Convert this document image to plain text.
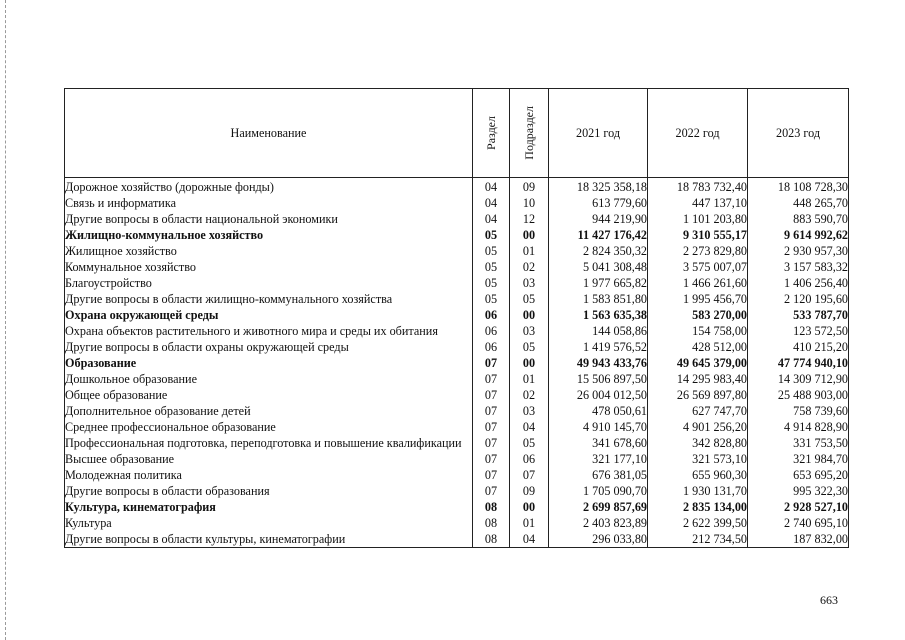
Наименование	Раздел	Подраздел	2021 год	2022 год	2023 год
Дорожное хозяйство (дорожные фонды)	04	09	18 325 358,18	18 783 732,40	18 108 728,30
Связь и информатика	04	10	613 779,60	447 137,10	448 265,70
Другие вопросы в области национальной экономики	04	12	944 219,90	1 101 203,80	883 590,70
Жилищно-коммунальное хозяйство	05	00	11 427 176,42	9 310 555,17	9 614 992,62
Жилищное хозяйство	05	01	2 824 350,32	2 273 829,80	2 930 957,30
Коммунальное хозяйство	05	02	5 041 308,48	3 575 007,07	3 157 583,32
Благоустройство	05	03	1 977 665,82	1 466 261,60	1 406 256,40
Другие вопросы в области жилищно-коммунального хозяйства	05	05	1 583 851,80	1 995 456,70	2 120 195,60
Охрана окружающей среды	06	00	1 563 635,38	583 270,00	533 787,70

Охрана объектов растительного и животного мира и среды их обитания	06	03	144 058,86	154 758,00	123 572,50
Другие вопросы в области охраны окружающей среды	06	05	1 419 576,52	428 512,00	410 215,20
Образование	07	00	49 943 433,76	49 645 379,00	47 774 940,10
Дошкольное образование	07	01	15 506 897,50	14 295 983,40	14 309 712,90
Общее образование	07	02	26 004 012,50	26 569 897,80	25 488 903,00
Дополнительное образование детей	07	03	478 050,61	627 747,70	758 739,60
Среднее профессиональное образование	07	04	4 910 145,70	4 901 256,20	4 914 828,90

Профессиональная подготовка, переподготовка и повышение квалификации	07	05	341 678,60	342 828,80	331 753,50
Высшее образование	07	06	321 177,10	321 573,10	321 984,70
Молодежная политика	07	07	676 381,05	655 960,30	653 695,20
Другие вопросы в области образования	07	09	1 705 090,70	1 930 131,70	995 322,30
Культура, кинематография	08	00	2 699 857,69	2 835 134,00	2 928 527,10
Культура	08	01	2 403 823,89	2 622 399,50	2 740 695,10
Другие вопросы в области культуры, кинематографии	08	04	296 033,80	212 734,50	187 832,00
663
